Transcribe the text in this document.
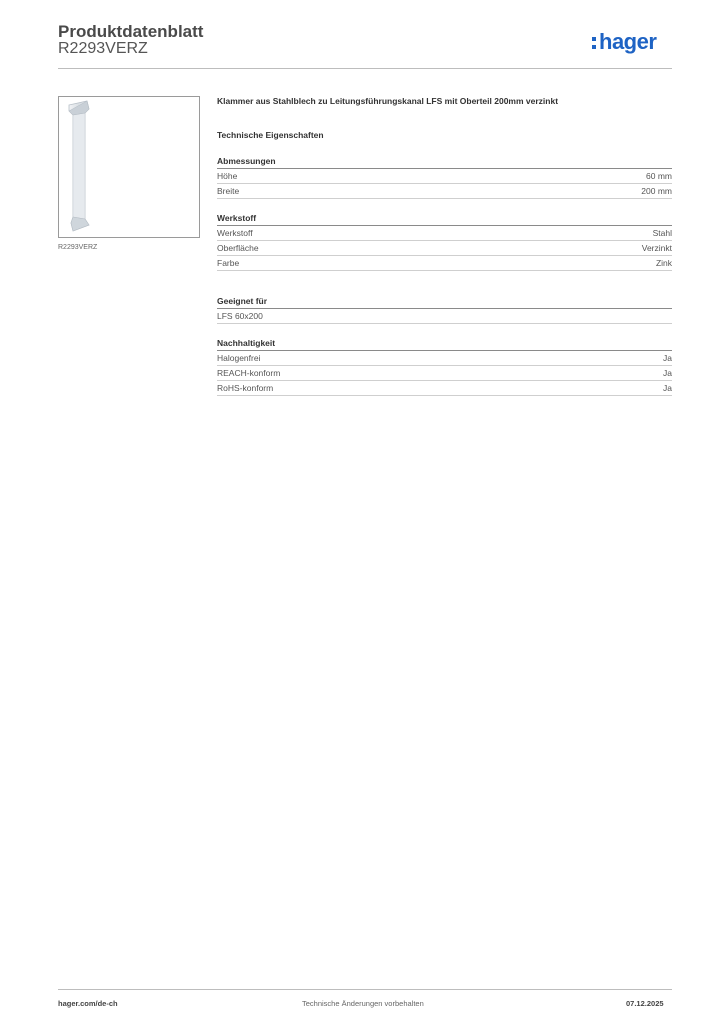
Produktdatenblatt
R2293VERZ	hager
R2293VERZ
Klammer aus Stahlblech zu Leitungsführungskanal LFS mit Oberteil 200mm verzinkt
Technische Eigenschaften
Abmessungen
Höhe	60 mm
Breite	200 mm
Werkstoff
Werkstoff	Stahl
Oberfläche	Verzinkt
Farbe	Zink
Geeignet für
LFS 60x200
Nachhaltigkeit
Halogenfrei	Ja
REACH-konform	Ja
RoHS-konform	Ja
hager.com/de-ch	Technische Änderungen vorbehalten	07.12.2025
